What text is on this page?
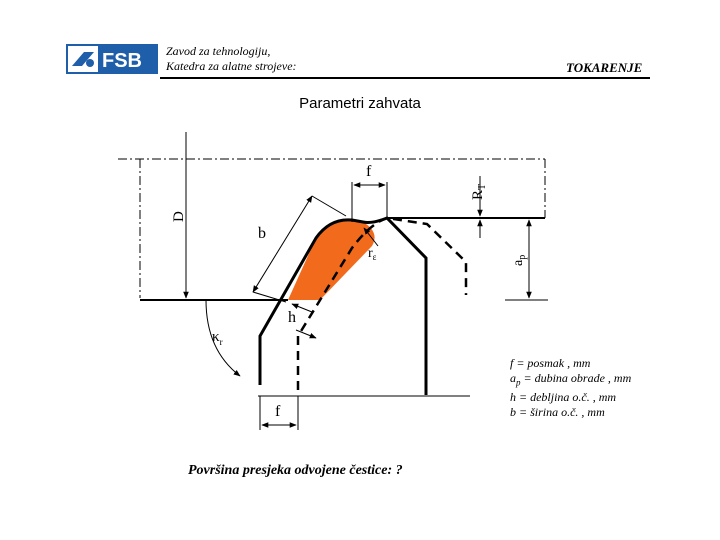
FSB Zavod za tehnologiju,
Katedra za alatne strojeve:	TOKARENJE
Parametri zahvata
D
$R_T$
$a_p$
f
b
$r_\varepsilon$
h
$\kappa_r$
f
f = posmak , mm
$a_p$ = dubina obrade , mm
h = debljina o.č. , mm
b = širina o.č. , mm
Površina presjeka odvojene čestice: ?
